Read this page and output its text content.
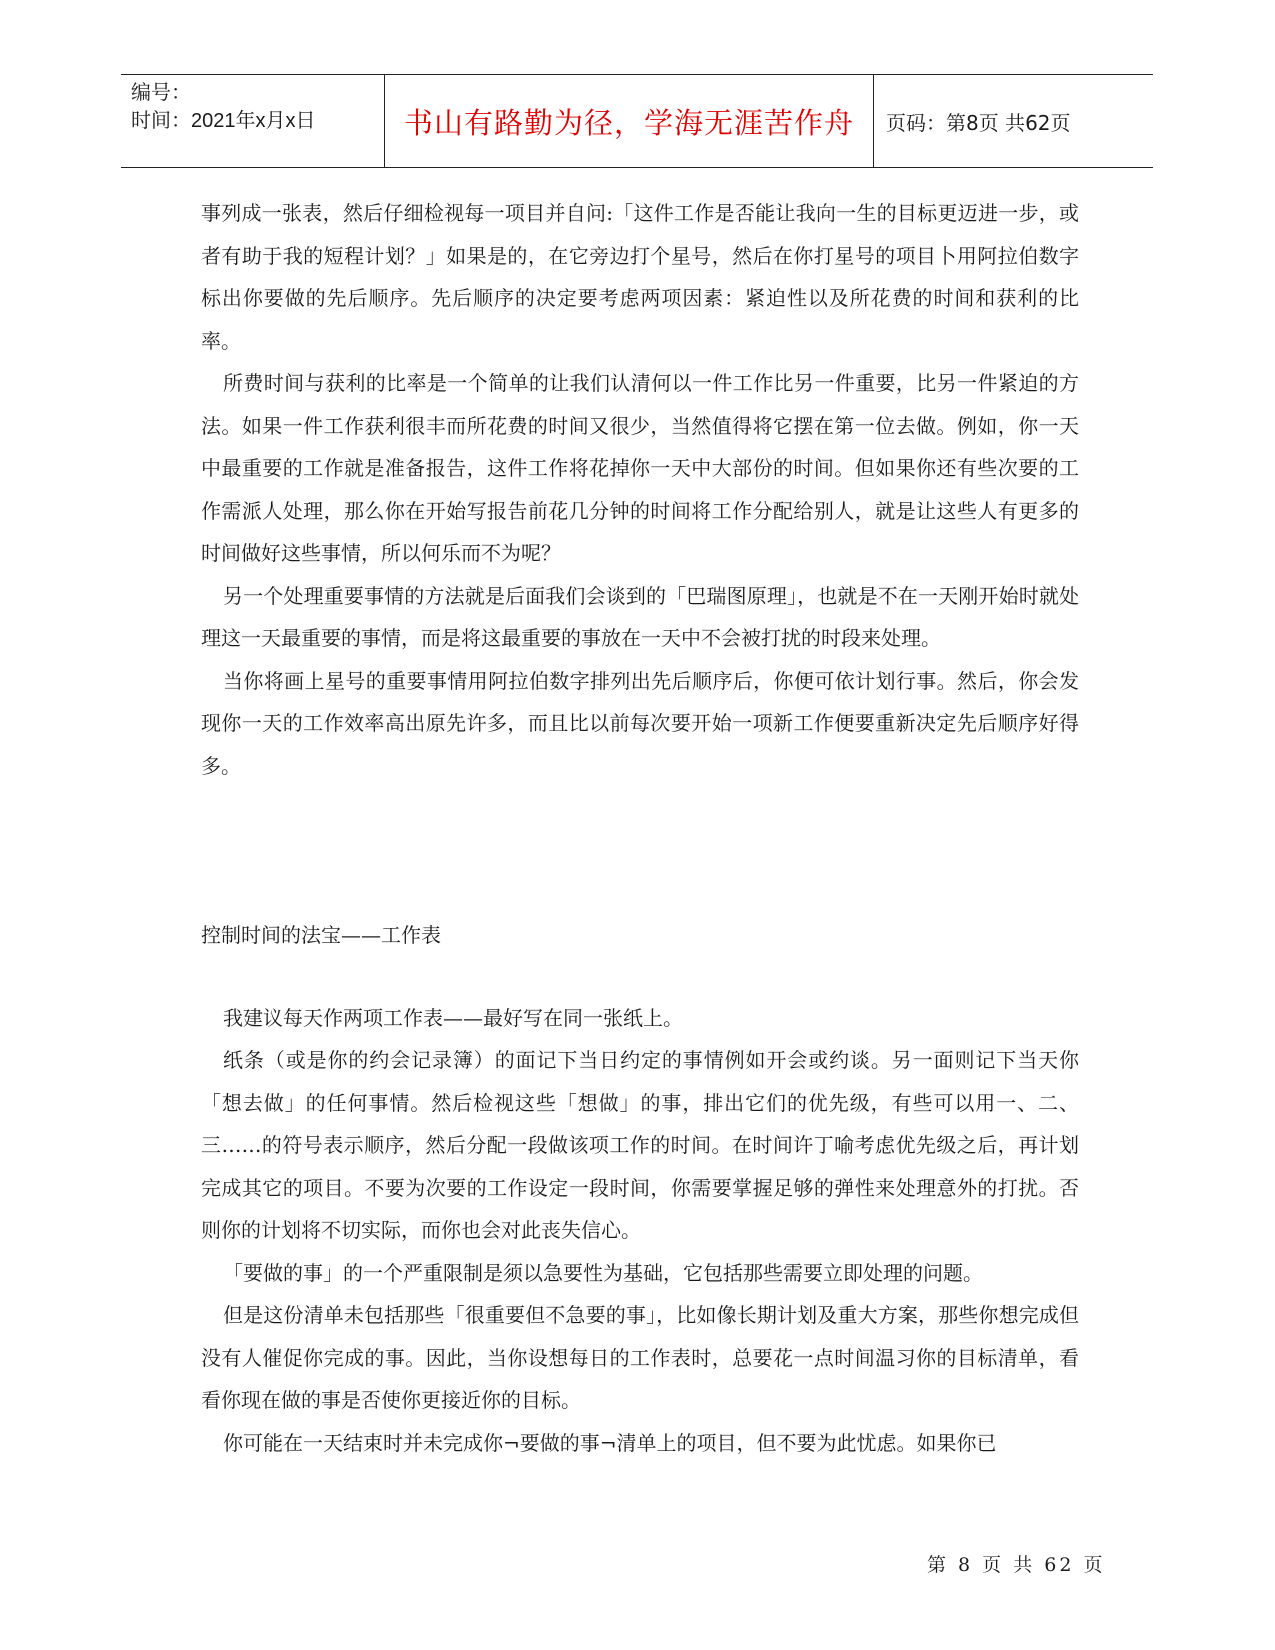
编号：
时间：2021年x月x日	书山有路勤为径，学海无涯苦作舟	页码：第8页 共62页

事列成一张表，然后仔细检视每一项目并自问:「这件工作是否能让我向一生的目标更迈进一步，或者有助于我的短程计划？」如果是的，在它旁边打个星号，然后在你打星号的项目卜用阿拉伯数字标出你要做的先后顺序。先后顺序的决定要考虑两项因素：紧迫性以及所花费的时间和获利的比率。

所费时间与获利的比率是一个简单的让我们认清何以一件工作比另一件重要，比另一件紧迫的方法。如果一件工作获利很丰而所花费的时间又很少，当然值得将它摆在第一位去做。例如，你一天中最重要的工作就是准备报告，这件工作将花掉你一天中大部份的时间。但如果你还有些次要的工作需派人处理，那么你在开始写报告前花几分钟的时间将工作分配给别人，就是让这些人有更多的时间做好这些事情，所以何乐而不为呢？

另一个处理重要事情的方法就是后面我们会谈到的「巴瑞图原理」，也就是不在一天刚开始时就处理这一天最重要的事情，而是将这最重要的事放在一天中不会被打扰的时段来处理。

当你将画上星号的重要事情用阿拉伯数字排列出先后顺序后，你便可依计划行事。然后，你会发现你一天的工作效率高出原先许多，而且比以前每次要开始一项新工作便要重新决定先后顺序好得多。

控制时间的法宝——工作表

我建议每天作两项工作表——最好写在同一张纸上。

纸条（或是你的约会记录簿）的面记下当日约定的事情例如开会或约谈。另一面则记下当天你「想去做」的任何事情。然后检视这些「想做」的事，排出它们的优先级，有些可以用一、二、三……的符号表示顺序，然后分配一段做该项工作的时间。在时间许丁喻考虑优先级之后，再计划完成其它的项目。不要为次要的工作设定一段时间，你需要掌握足够的弹性来处理意外的打扰。否则你的计划将不切实际，而你也会对此丧失信心。

「要做的事」的一个严重限制是须以急要性为基础，它包括那些需要立即处理的问题。

但是这份清单未包括那些「很重要但不急要的事」，比如像长期计划及重大方案，那些你想完成但没有人催促你完成的事。因此，当你设想每日的工作表时，总要花一点时间温习你的目标清单，看看你现在做的事是否使你更接近你的目标。

你可能在一天结束时并未完成你¬要做的事¬清单上的项目，但不要为此忧虑。如果你已

第 8 页 共 62 页
